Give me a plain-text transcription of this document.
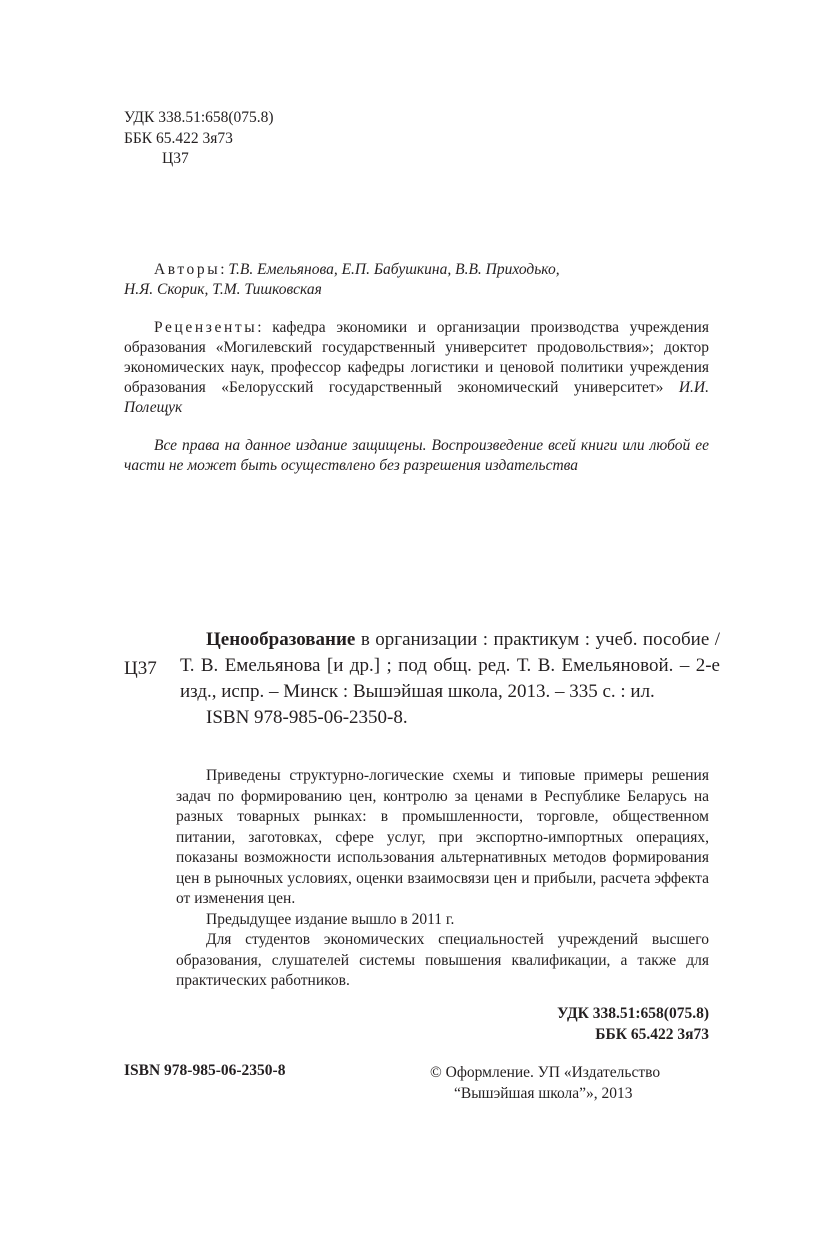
УДК 338.51:658(075.8)
ББК 65.422 3я73

Ц37
Авторы: Т.В. Емельянова, Е.П. Бабушкина, В.В. Приходько,
Н.Я. Скорик, Т.М. Тишковская
Рецензенты: кафедра экономики и организации производства учреждения образования «Могилевский государственный университет продовольствия»; доктор экономических наук, профессор кафедры логистики и ценовой политики учреждения образования «Белорусский государственный экономический университет» И.И. Полещук
Все права на данное издание защищены. Воспроизведение всей книги или любой ее части не может быть осуществлено без разрешения издательства
Ц37
Ценообразование в организации : практикум : учеб. пособие / Т. В. Емельянова [и др.] ; под общ. ред. Т. В. Емельяновой. – 2-е изд., испр. – Минск : Вышэйшая школа, 2013. – 335 с. : ил.
ISBN 978-985-06-2350-8.

Приведены структурно-логические схемы и типовые примеры решения задач по формированию цен, контролю за ценами в Республике Беларусь на разных товарных рынках: в промышленности, торговле, общественном питании, заготовках, сфере услуг, при экспортно-импортных операциях, показаны возможности использования альтернативных методов формирования цен в рыночных условиях, оценки взаимосвязи цен и прибыли, расчета эффекта от изменения цен.

Предыдущее издание вышло в 2011 г.

Для студентов экономических специальностей учреждений высшего образования, слушателей системы повышения квалификации, а также для практических работников.

УДК 338.51:658(075.8)
ББК 65.422 3я73
ISBN 978-985-06-2350-8	© Оформление. УП «Издательство
“Вышэйшая школа”», 2013
